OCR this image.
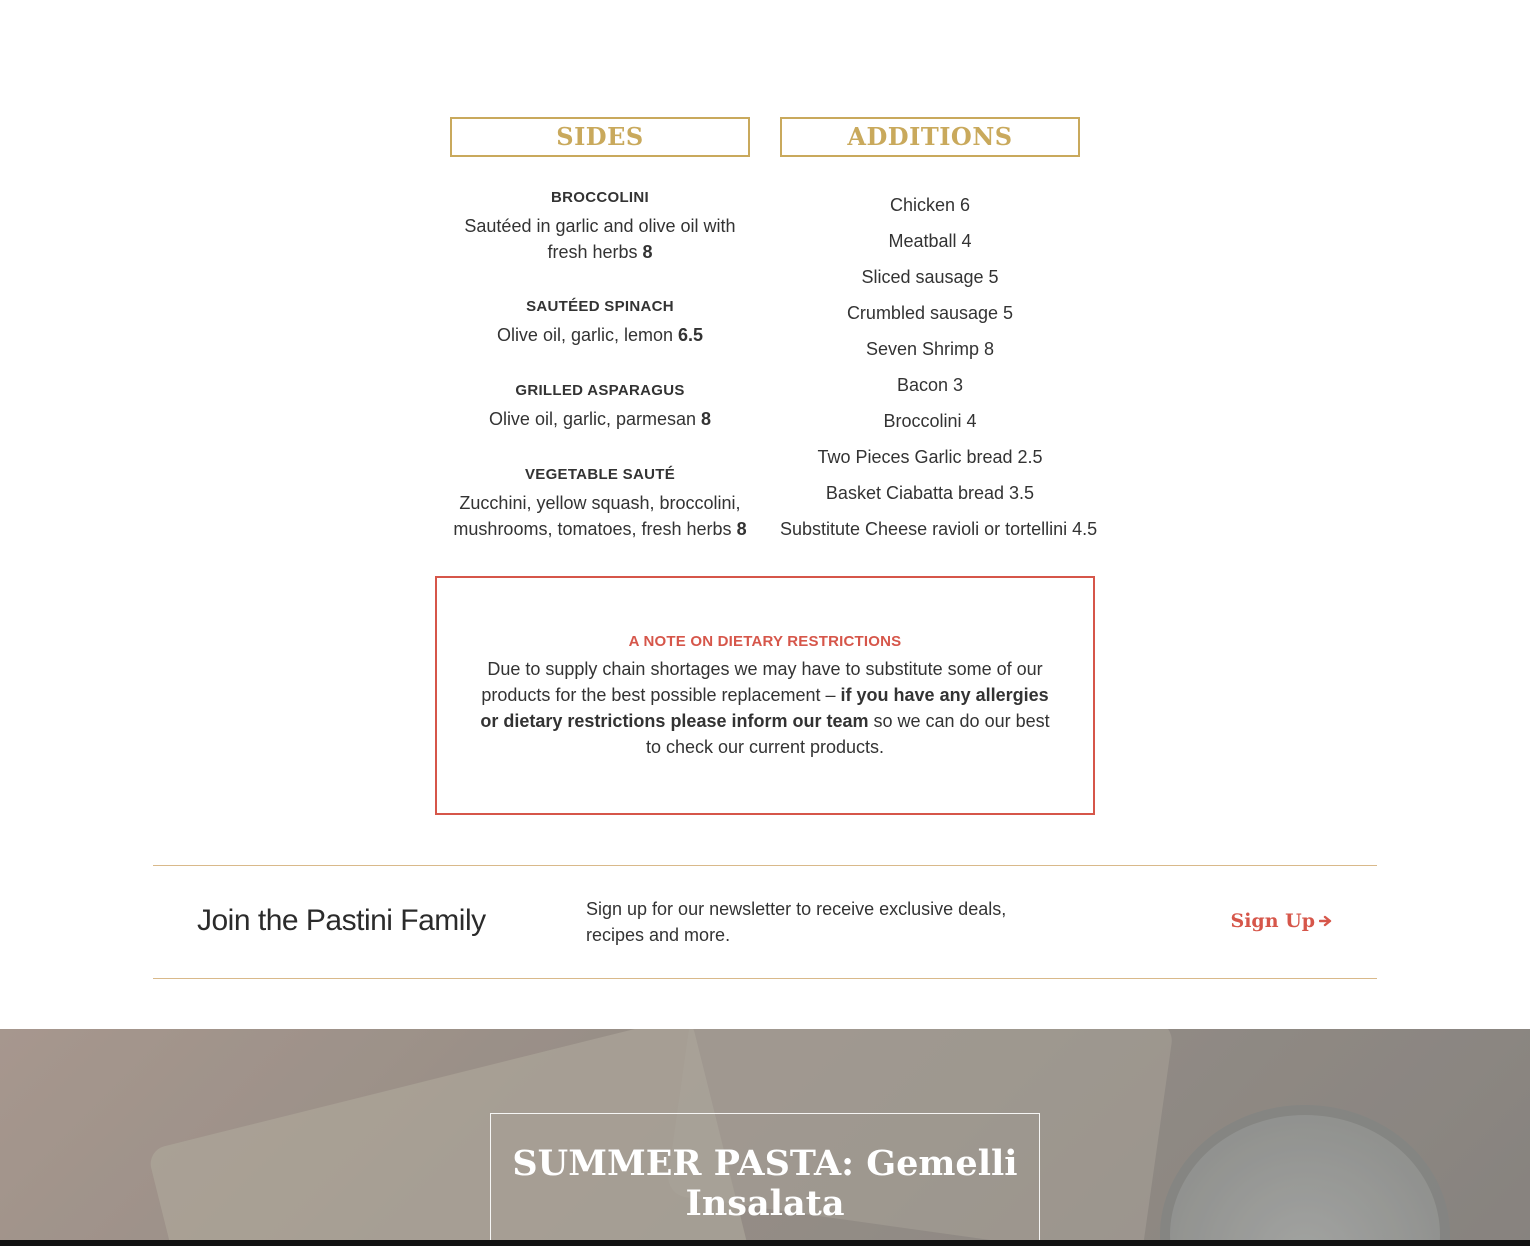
SIDES
BROCCOLINI
Sautéed in garlic and olive oil with fresh herbs 8
SAUTÉED SPINACH
Olive oil, garlic, lemon 6.5
GRILLED ASPARAGUS
Olive oil, garlic, parmesan 8
VEGETABLE SAUTÉ
Zucchini, yellow squash, broccolini, mushrooms, tomatoes, fresh herbs 8
ADDITIONS
Chicken 6
Meatball 4
Sliced sausage 5
Crumbled sausage 5
Seven Shrimp 8
Bacon 3
Broccolini 4
Two Pieces Garlic bread 2.5
Basket Ciabatta bread 3.5
Substitute Cheese ravioli or tortellini 4.5
A NOTE ON DIETARY RESTRICTIONS
Due to supply chain shortages we may have to substitute some of our products for the best possible replacement – if you have any allergies or dietary restrictions please inform our team so we can do our best to check our current products.
Join the Pastini Family	Sign up for our newsletter to receive exclusive deals, recipes and more.
Sign Up
SUMMER PASTA: Gemelli Insalata
